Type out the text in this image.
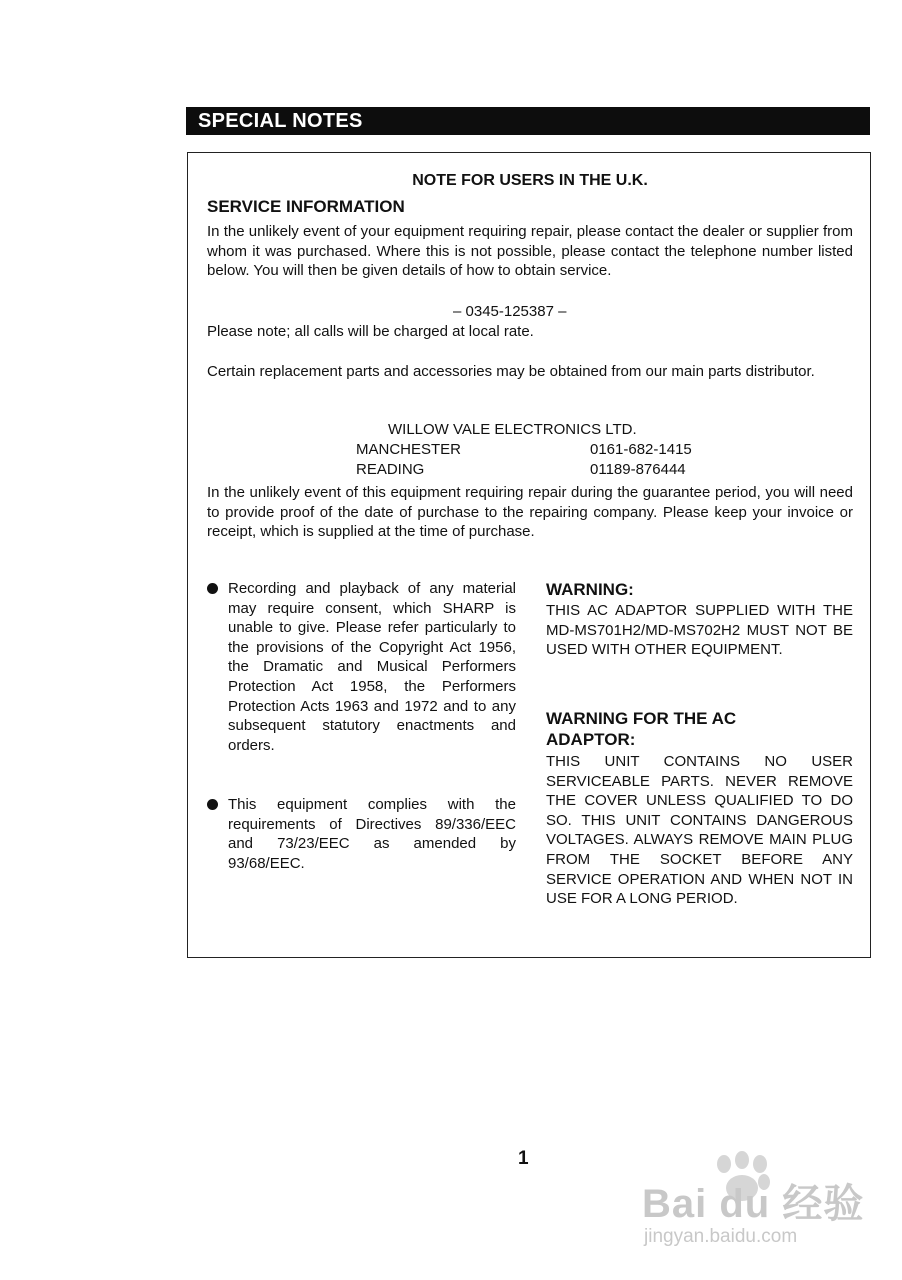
SPECIAL NOTES
NOTE FOR USERS IN THE U.K.
SERVICE INFORMATION
In the unlikely event of your equipment requiring repair, please contact the dealer or supplier from whom it was purchased. Where this is not possible, please contact the telephone number listed below. You will then be given details of how to obtain service.
– 0345-125387 –
Please note; all calls will be charged at local rate.
Certain replacement parts and accessories may be obtained from our main parts distributor.
WILLOW VALE ELECTRONICS LTD.
MANCHESTER	0161-682-1415
READING	01189-876444
In the unlikely event of this equipment requiring repair during the guarantee period, you will need to provide proof of the date of purchase to the repairing company. Please keep your invoice or receipt, which is supplied at the time of purchase.
Recording and playback of any material may require consent, which SHARP is unable to give. Please refer particularly to the provisions of the Copyright Act 1956, the Dramatic and Musical Performers Protection Act 1958, the Performers Protection Acts 1963 and 1972 and to any subsequent statutory enactments and orders.
This equipment complies with the requirements of Directives 89/336/EEC and 73/23/EEC as amended by 93/68/EEC.
WARNING:
THIS AC ADAPTOR SUPPLIED WITH THE MD-MS701H2/MD-MS702H2 MUST NOT BE USED WITH OTHER EQUIPMENT.
WARNING FOR THE AC
ADAPTOR:
THIS UNIT CONTAINS NO USER SERVICEABLE PARTS. NEVER REMOVE THE COVER UNLESS QUALIFIED TO DO SO. THIS UNIT CONTAINS DANGEROUS VOLTAGES. ALWAYS REMOVE MAIN PLUG FROM THE SOCKET BEFORE ANY SERVICE OPERATION AND WHEN NOT IN USE FOR A LONG PERIOD.
1
Bai du 经验
jingyan.baidu.com
